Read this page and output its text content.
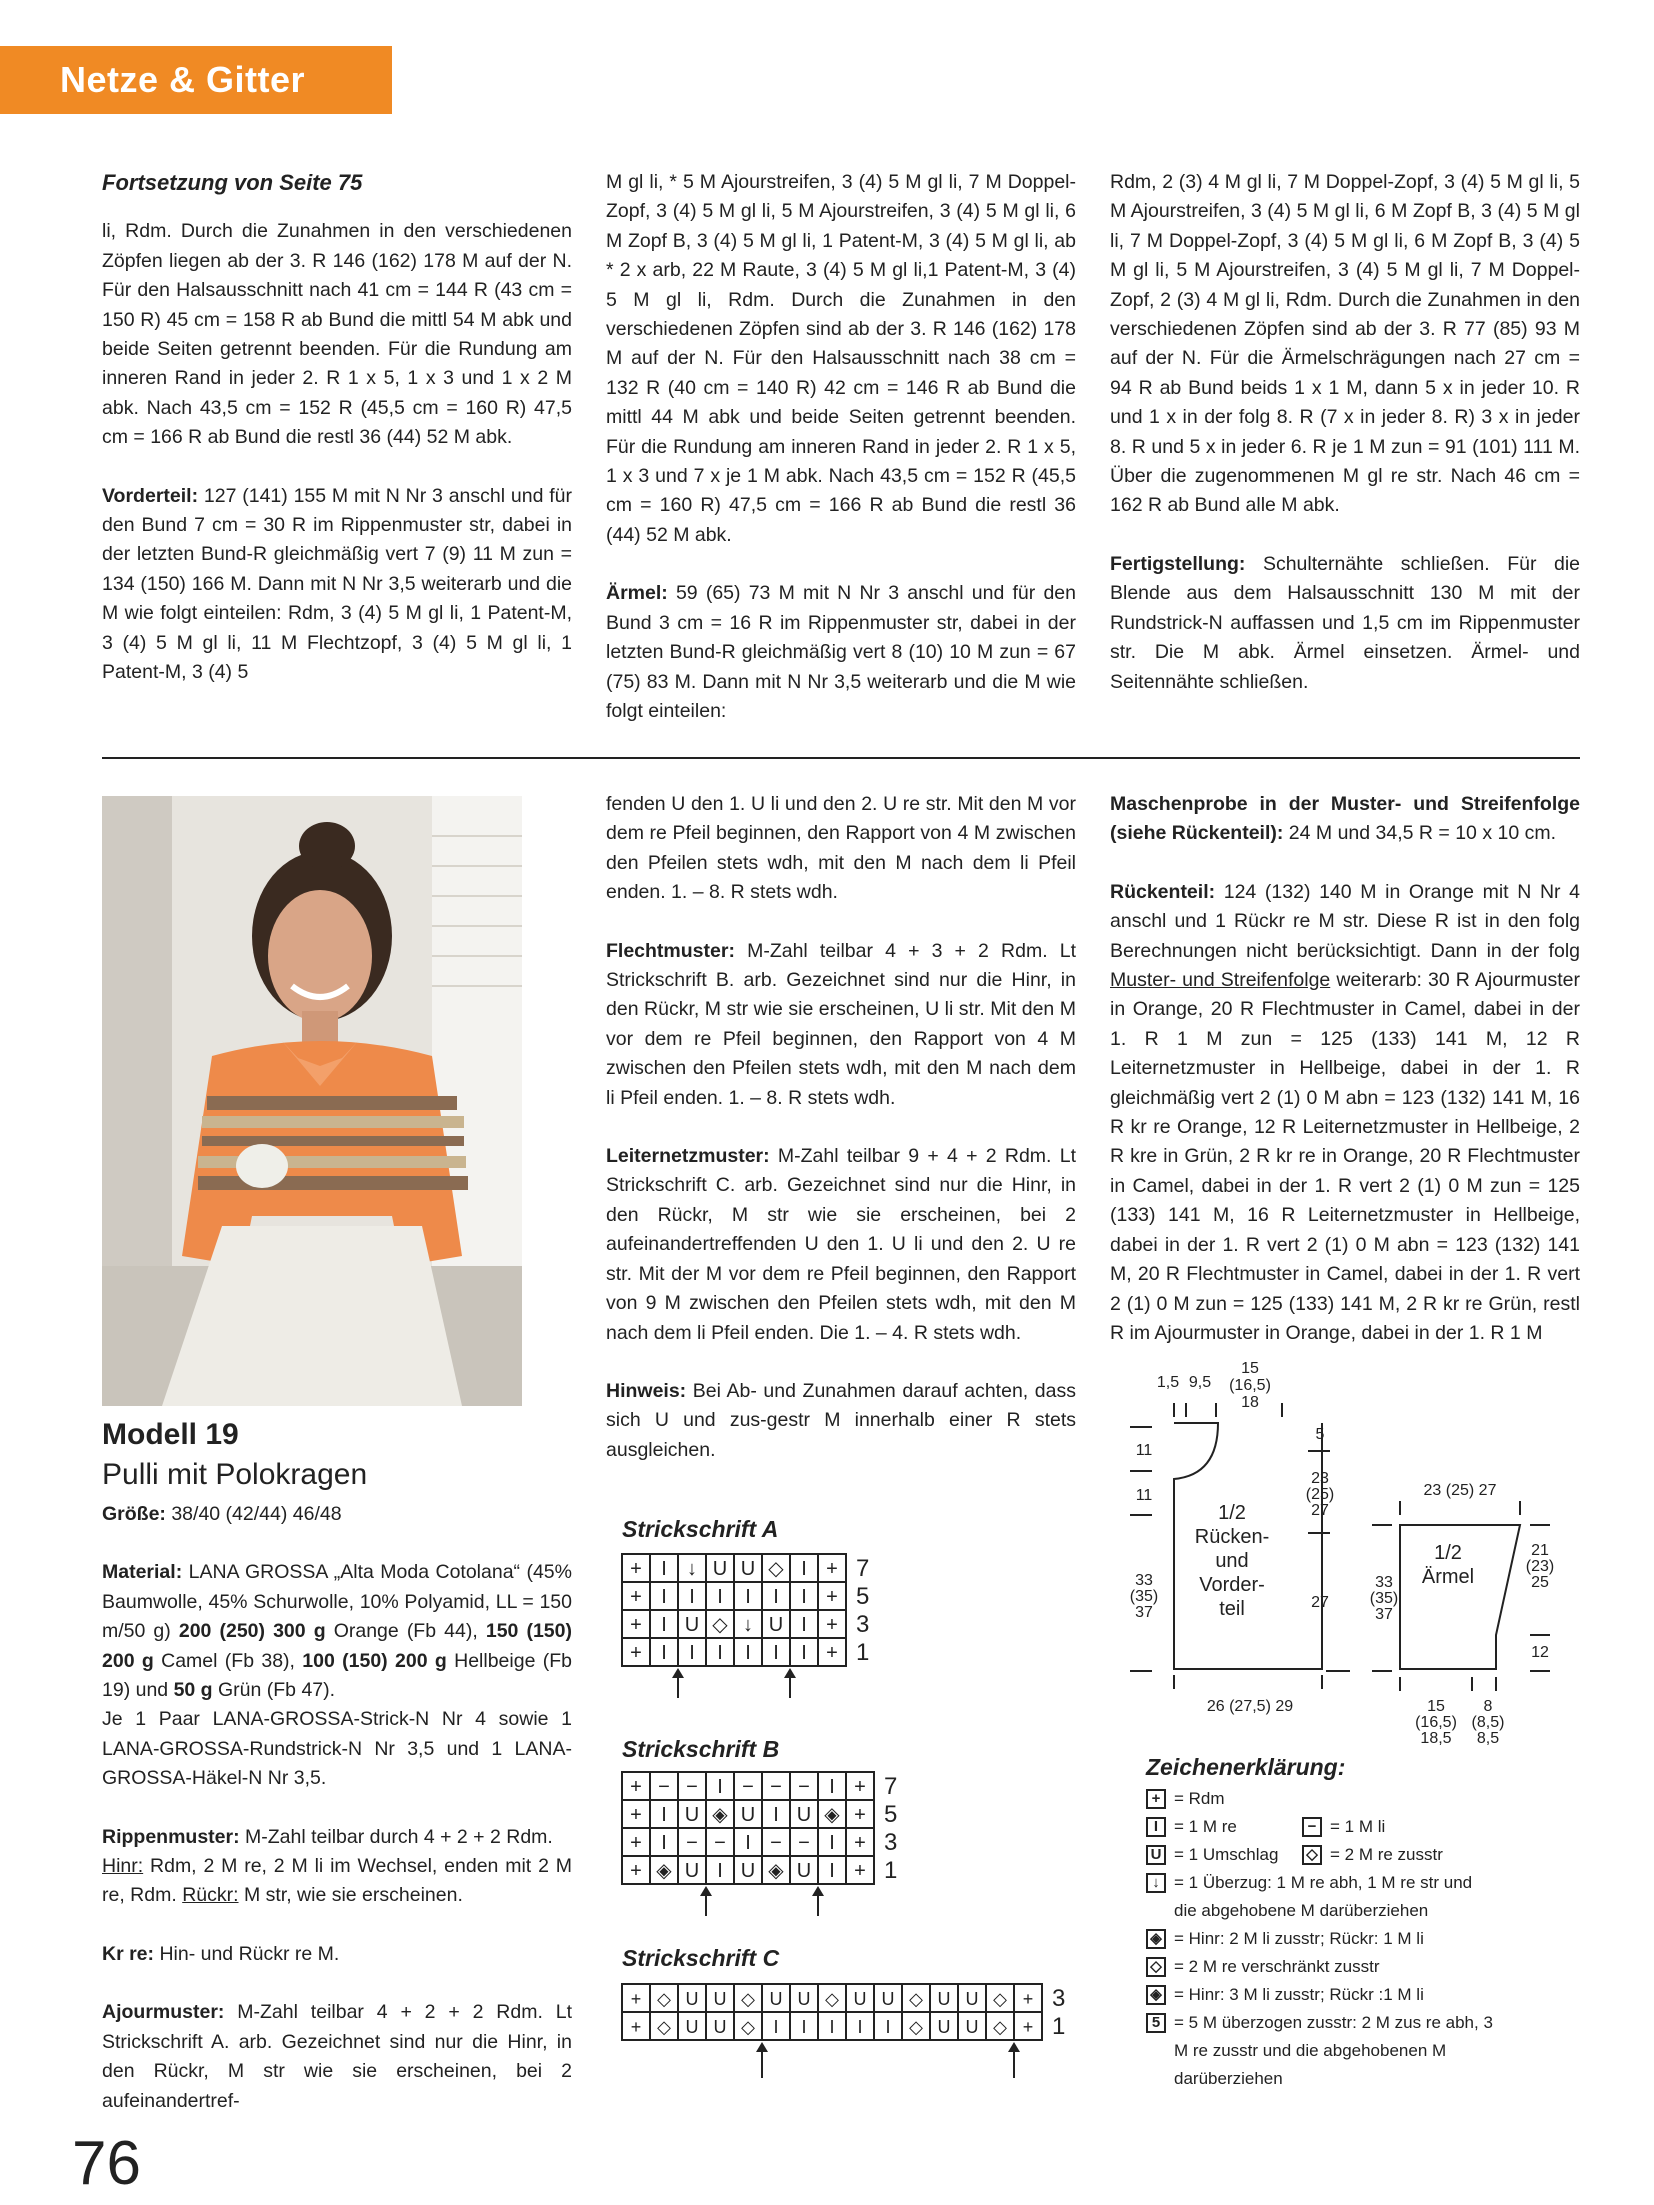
Netze & Gitter

Fortsetzung von Seite 75

li, Rdm. Durch die Zunahmen in den verschiedenen Zöpfen liegen ab der 3. R 146 (162) 178 M auf der N. Für den Halsausschnitt nach 41 cm = 144 R (43 cm = 150 R) 45 cm = 158 R ab Bund die mittl 54 M abk und beide Seiten getrennt beenden. Für die Rundung am inneren Rand in jeder 2. R 1 x 5, 1 x 3 und 1 x 2 M abk. Nach 43,5 cm = 152 R (45,5 cm = 160 R) 47,5 cm = 166 R ab Bund die restl 36 (44) 52 M abk.

Vorderteil: 127 (141) 155 M mit N Nr 3 anschl und für den Bund 7 cm = 30 R im Rippenmuster str, dabei in der letzten Bund-R gleichmäßig vert 7 (9) 11 M zun = 134 (150) 166 M. Dann mit N Nr 3,5 weiterarb und die M wie folgt einteilen: Rdm, 3 (4) 5 M gl li, 1 Patent-M, 3 (4) 5 M gl li, 11 M Flechtzopf, 3 (4) 5 M gl li, 1 Patent-M, 3 (4) 5

M gl li, * 5 M Ajourstreifen, 3 (4) 5 M gl li, 7 M Doppel-Zopf, 3 (4) 5 M gl li, 5 M Ajourstreifen, 3 (4) 5 M gl li, 6 M Zopf B, 3 (4) 5 M gl li, 1 Patent-M, 3 (4) 5 M gl li, ab * 2 x arb, 22 M Raute, 3 (4) 5 M gl li,1 Patent-M, 3 (4) 5 M gl li, Rdm. Durch die Zunahmen in den verschiedenen Zöpfen sind ab der 3. R 146 (162) 178 M auf der N. Für den Halsausschnitt nach 38 cm = 132 R (40 cm = 140 R) 42 cm = 146 R ab Bund die mittl 44 M abk und beide Seiten getrennt beenden. Für die Rundung am inneren Rand in jeder 2. R 1 x 5, 1 x 3 und 7 x je 1 M abk. Nach 43,5 cm = 152 R (45,5 cm = 160 R) 47,5 cm = 166 R ab Bund die restl 36 (44) 52 M abk.

Ärmel: 59 (65) 73 M mit N Nr 3 anschl und für den Bund 3 cm = 16 R im Rippenmuster str, dabei in der letzten Bund-R gleichmäßig vert 8 (10) 10 M zun = 67 (75) 83 M. Dann mit N Nr 3,5 weiterarb und die M wie folgt einteilen:

Rdm, 2 (3) 4 M gl li, 7 M Doppel-Zopf, 3 (4) 5 M gl li, 5 M Ajourstreifen, 3 (4) 5 M gl li, 6 M Zopf B, 3 (4) 5 M gl li, 7 M Doppel-Zopf, 3 (4) 5 M gl li, 6 M Zopf B, 3 (4) 5 M gl li, 5 M Ajourstreifen, 3 (4) 5 M gl li, 7 M Doppel-Zopf, 2 (3) 4 M gl li, Rdm. Durch die Zunahmen in den verschiedenen Zöpfen sind ab der 3. R 77 (85) 93 M auf der N. Für die Ärmelschrägungen nach 27 cm = 94 R ab Bund beids 1 x 1 M, dann 5 x in jeder 10. R und 1 x in der folg 8. R (7 x in jeder 8. R) 3 x in jeder 8. R und 5 x in jeder 6. R je 1 M zun = 91 (101) 111 M. Über die zugenommenen M gl re str. Nach 46 cm = 162 R ab Bund alle M abk.

Fertigstellung: Schulternähte schließen. Für die Blende aus dem Halsausschnitt 130 M mit der Rundstrick-N auffassen und 1,5 cm im Rippenmuster str. Die M abk. Ärmel einsetzen. Ärmel- und Seitennähte schließen.

Modell 19
Pulli mit Polokragen

Größe: 38/40 (42/44) 46/48

Material: LANA GROSSA „Alta Moda Cotolana“ (45% Baumwolle, 45% Schurwolle, 10% Polyamid, LL = 150 m/50 g) 200 (250) 300 g Orange (Fb 44), 150 (150) 200 g Camel (Fb 38), 100 (150) 200 g Hellbeige (Fb 19) und 50 g Grün (Fb 47).

Je 1 Paar LANA-GROSSA-Strick-N Nr 4 sowie 1 LANA-GROSSA-Rundstrick-N Nr 3,5 und 1 LANA-GROSSA-Häkel-N Nr 3,5.

Rippenmuster: M-Zahl teilbar durch 4 + 2 + 2 Rdm.
Hinr: Rdm, 2 M re, 2 M li im Wechsel, enden mit 2 M re, Rdm. Rückr: M str, wie sie erscheinen.

Kr re: Hin- und Rückr re M.

Ajourmuster: M-Zahl teilbar 4 + 2 + 2 Rdm. Lt Strickschrift A. arb. Gezeichnet sind nur die Hinr, in den Rückr, M str wie sie erscheinen, bei 2 aufeinandertref-

fenden U den 1. U li und den 2. U re str. Mit den M vor dem re Pfeil beginnen, den Rapport von 4 M zwischen den Pfeilen stets wdh, mit den M nach dem li Pfeil enden. 1. – 8. R stets wdh.

Flechtmuster: M-Zahl teilbar 4 + 3 + 2 Rdm. Lt Strickschrift B. arb. Gezeichnet sind nur die Hinr, in den Rückr, M str wie sie erscheinen, U li str. Mit den M vor dem re Pfeil beginnen, den Rapport von 4 M zwischen den Pfeilen stets wdh, mit den M nach dem li Pfeil enden. 1. – 8. R stets wdh.

Leiternetzmuster: M-Zahl teilbar 9 + 4 + 2 Rdm. Lt Strickschrift C. arb. Gezeichnet sind nur die Hinr, in den Rückr, M str wie sie erscheinen, bei 2 aufeinandertreffenden U den 1. U li und den 2. U re str. Mit der M vor dem re Pfeil beginnen, den Rapport von 9 M zwischen den Pfeilen stets wdh, mit den M nach dem li Pfeil enden. Die 1. – 4. R stets wdh.

Hinweis: Bei Ab- und Zunahmen darauf achten, dass sich U und zus-gestr M innerhalb einer R stets ausgleichen.

Maschenprobe in der Muster- und Streifenfolge (siehe Rückenteil): 24 M und 34,5 R = 10 x 10 cm.

Rückenteil: 124 (132) 140 M in Orange mit N Nr 4 anschl und 1 Rückr re M str. Diese R ist in den folg Berechnungen nicht berücksichtigt. Dann in der folg Muster- und Streifenfolge weiterarb: 30 R Ajourmuster in Orange, 20 R Flechtmuster in Camel, dabei in der 1. R 1 M zun = 125 (133) 141 M, 12 R Leiternetzmuster in Hellbeige, dabei in der 1. R gleichmäßig vert 2 (1) 0 M abn = 123 (132) 141 M, 16 R kr re Orange, 12 R Leiternetzmuster in Hellbeige, 2 R kre in Grün, 2 R kr re in Orange, 20 R Flechtmuster in Camel, dabei in der 1. R vert 2 (1) 0 M zun = 125 (133) 141 M, 16 R Leiternetzmuster in Hellbeige, dabei in der 1. R vert 2 (1) 0 M abn = 123 (132) 141 M, 20 R Flechtmuster in Camel, dabei in der 1. R vert 2 (1) 0 M zun = 125 (133) 141 M, 2 R kr re Grün, restl R im Ajourmuster in Orange, dabei in der 1. R 1 M

Strickschrift A
+ I ↓ U U ◇ I +
+ I I I I I I +
+ I U ◇ ↓ U I +
+ I I I I I I +
7
5
3
1
Strickschrift B
+ − − I − − − I +
+ I U ◈ U I U ◈ +
+ I − − I − − I +
+ ◈ U I U ◈ U I +
7
5
3
1
Strickschrift C
+ ◇ U U ◇ U U ◇ U U ◇ U U ◇ +
+ ◇ U U ◇ I I I I I ◇ U U ◇ +
3
1
15
(16,5)
18
1,5 9,5
5
11
11
23
(25)
27
33
(35)
37
27
26 (27,5) 29
23 (25) 27
33
(35)
37
21
(23)
25
12
15
(16,5)
18,5
8
(8,5)
8,5
1/2
Rücken-
und
Vorder-
teil
1/2
Ärmel
Zeichenerklärung:
+ = Rdm
I = 1 M re	− = 1 M li
U = 1 Umschlag	◇ = 2 M re zusstr
↓ = 1 Überzug: 1 M re abh, 1 M re str und die abgehobene M darüberziehen
◈ = Hinr: 2 M li zusstr; Rückr: 1 M li
◇ = 2 M re verschränkt zusstr
◈ = Hinr: 3 M li zusstr; Rückr :1 M li
5 = 5 M überzogen zusstr: 2 M zus re abh, 3 M re zusstr und die abgehobenen M darüberziehen
76
